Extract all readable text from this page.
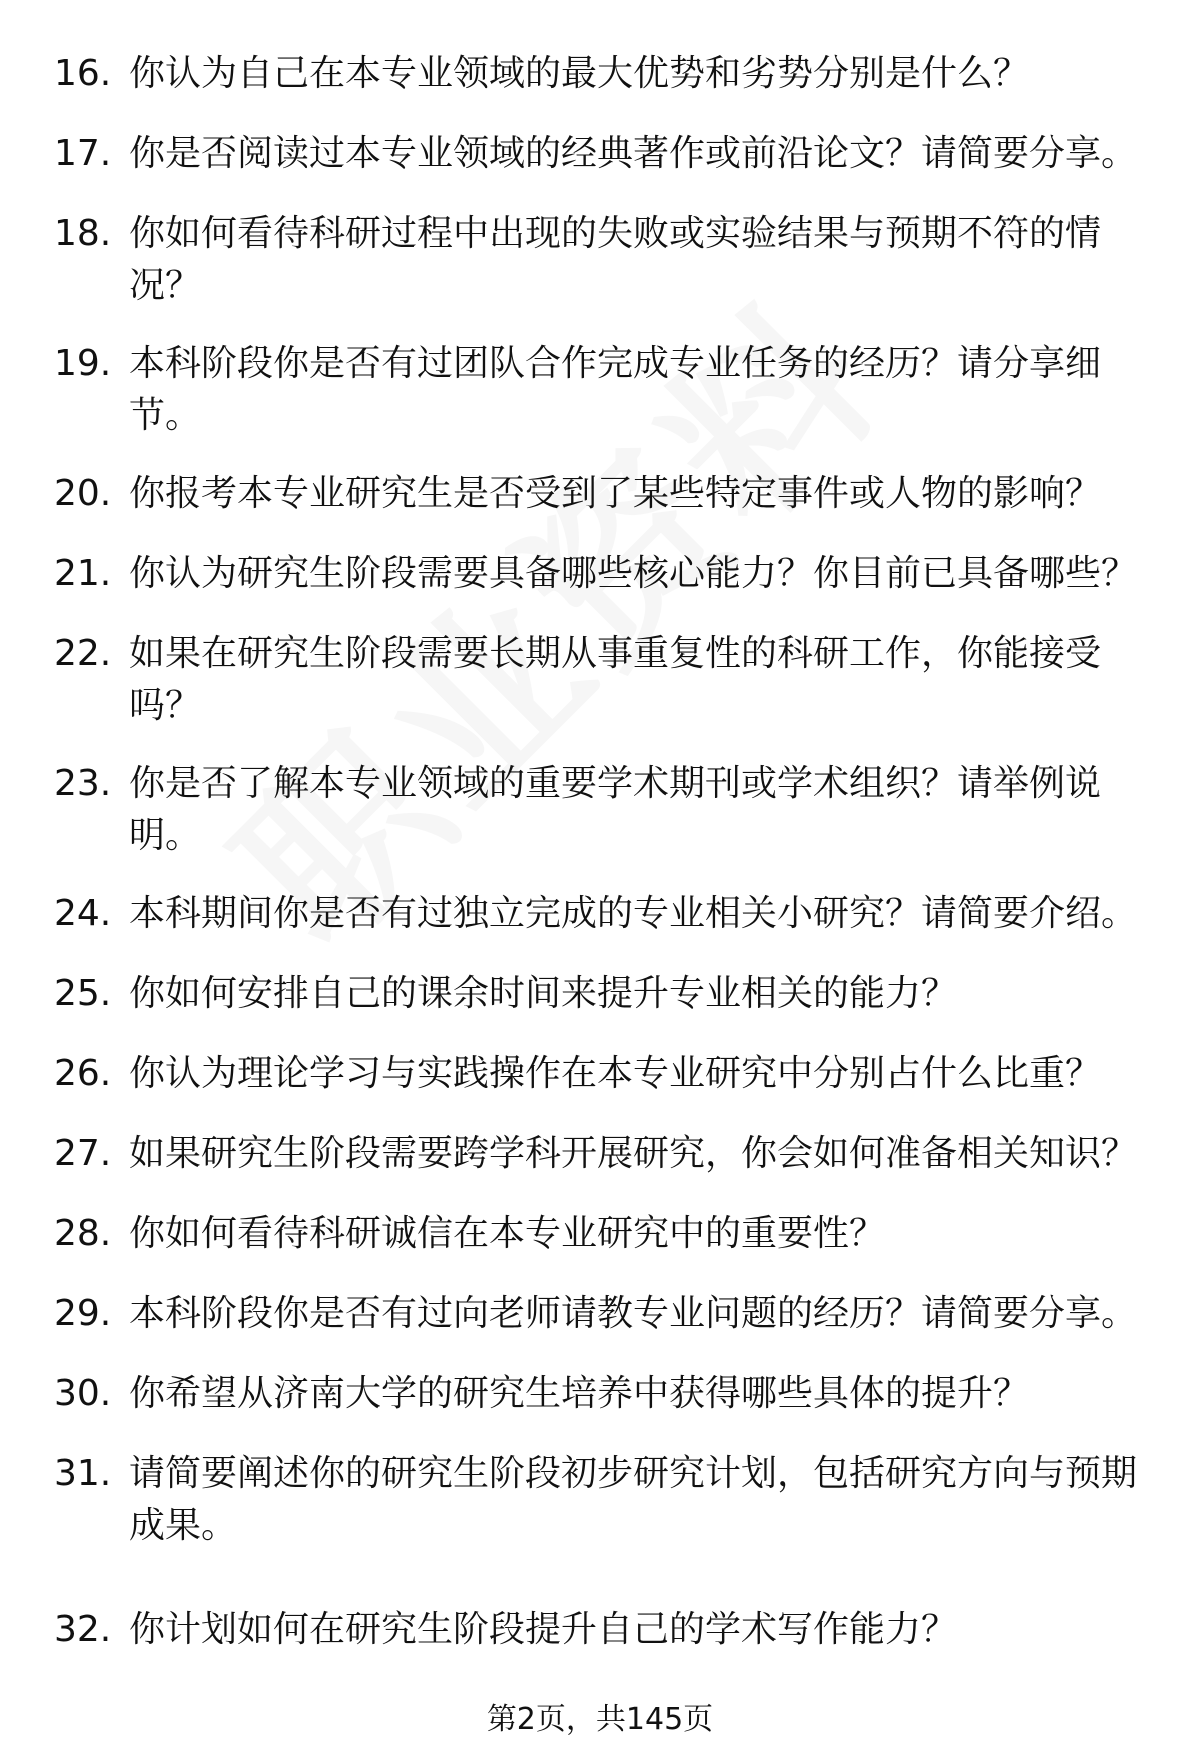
16. 你认为自己在本专业领域的最大优势和劣势分别是什么？
17. 你是否阅读过本专业领域的经典著作或前沿论文？请简要分享。
18. 你如何看待科研过程中出现的失败或实验结果与预期不符的情况？
19. 本科阶段你是否有过团队合作完成专业任务的经历？请分享细节。
20. 你报考本专业研究生是否受到了某些特定事件或人物的影响？
21. 你认为研究生阶段需要具备哪些核心能力？你目前已具备哪些？
22. 如果在研究生阶段需要长期从事重复性的科研工作，你能接受吗？
23. 你是否了解本专业领域的重要学术期刊或学术组织？请举例说明。
24. 本科期间你是否有过独立完成的专业相关小研究？请简要介绍。
25. 你如何安排自己的课余时间来提升专业相关的能力？
26. 你认为理论学习与实践操作在本专业研究中分别占什么比重？
27. 如果研究生阶段需要跨学科开展研究，你会如何准备相关知识？
28. 你如何看待科研诚信在本专业研究中的重要性？
29. 本科阶段你是否有过向老师请教专业问题的经历？请简要分享。
30. 你希望从济南大学的研究生培养中获得哪些具体的提升？
31. 请简要阐述你的研究生阶段初步研究计划，包括研究方向与预期成果。
32. 你计划如何在研究生阶段提升自己的学术写作能力？
第2页，共145页
